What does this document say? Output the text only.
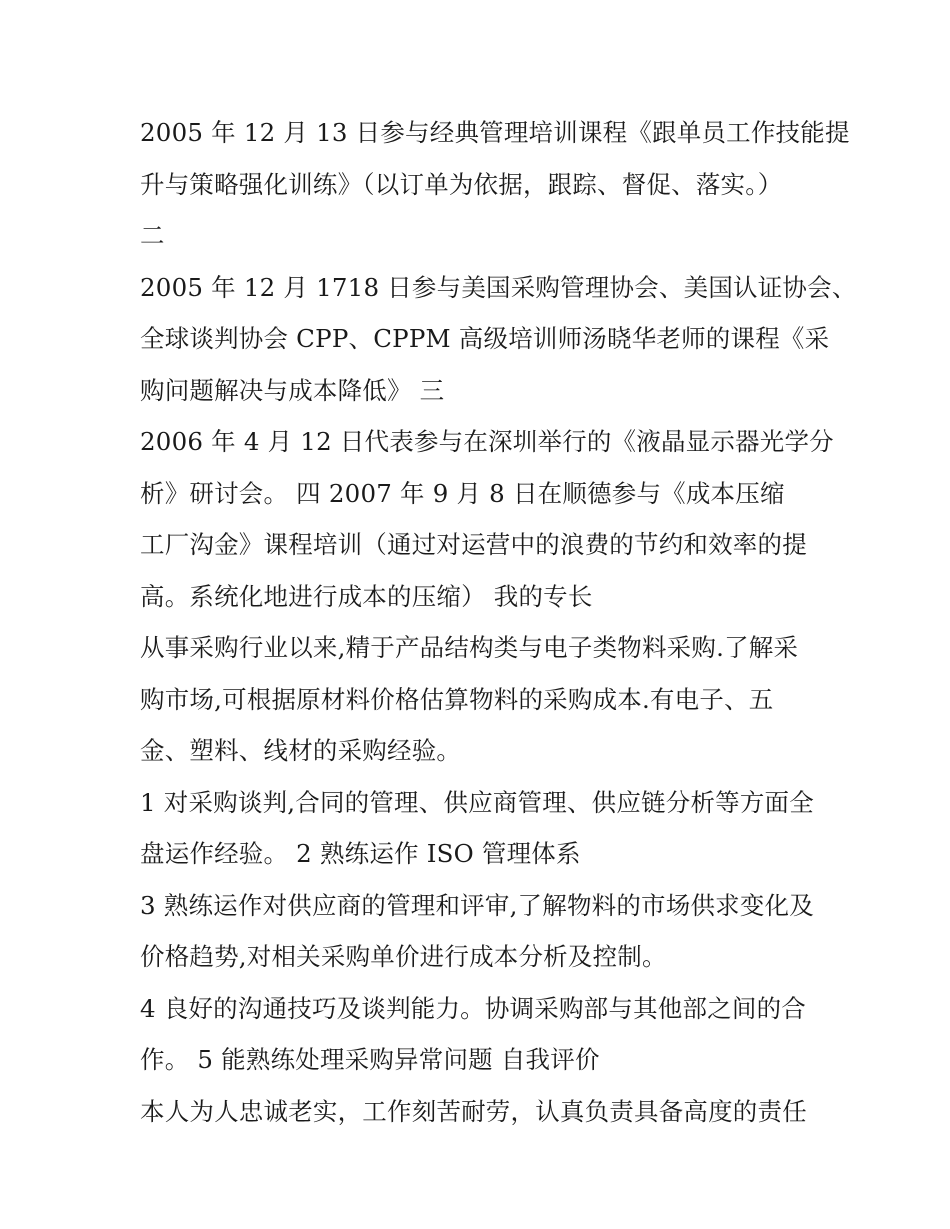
2005 年 12 月 13 日参与经典管理培训课程《跟单员工作技能提
升与策略强化训练》（以订单为依据，跟踪、督促、落实。）
二
2005 年 12 月 1718 日参与美国采购管理协会、美国认证协会、
全球谈判协会 CPP、CPPM 高级培训师汤晓华老师的课程《采
购问题解决与成本降低》 三
2006 年 4 月 12 日代表参与在深圳举行的《液晶显示器光学分
析》研讨会。 四 2007 年 9 月 8 日在顺德参与《成本压缩
工厂沟金》课程培训（通过对运营中的浪费的节约和效率的提
高。系统化地进行成本的压缩） 我的专长
从事采购行业以来,精于产品结构类与电子类物料采购.了解采
购市场,可根据原材料价格估算物料的采购成本.有电子、五
金、塑料、线材的采购经验。
1 对采购谈判,合同的管理、供应商管理、供应链分析等方面全
盘运作经验。 2 熟练运作 ISO 管理体系
3 熟练运作对供应商的管理和评审,了解物料的市场供求变化及
价格趋势,对相关采购单价进行成本分析及控制。
4 良好的沟通技巧及谈判能力。协调采购部与其他部之间的合
作。 5 能熟练处理采购异常问题 自我评价
本人为人忠诚老实，工作刻苦耐劳，认真负责具备高度的责任
